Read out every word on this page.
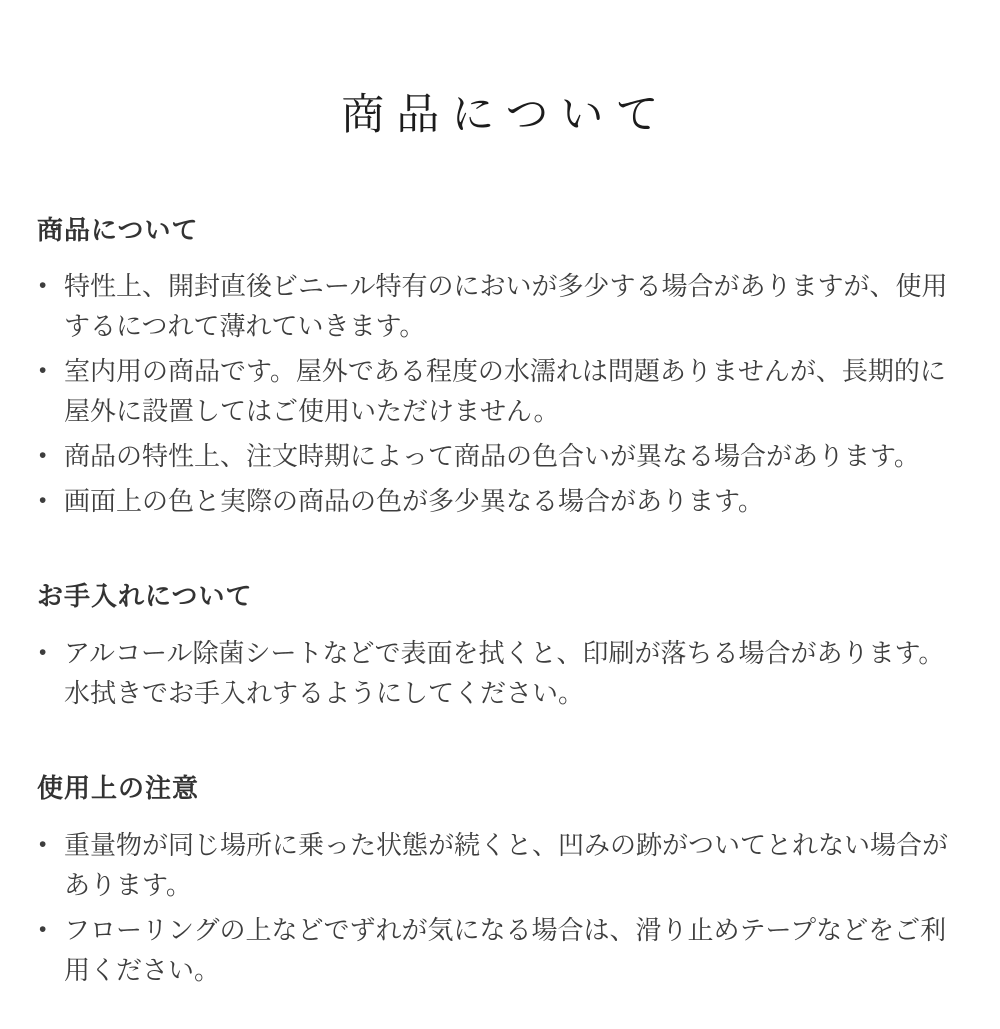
商品について
商品について
• 特性上、開封直後ビニール特有のにおいが多少する場合がありますが、使用するにつれて薄れていきます。
• 室内用の商品です。屋外である程度の水濡れは問題ありませんが、長期的に屋外に設置してはご使用いただけません。
• 商品の特性上、注文時期によって商品の色合いが異なる場合があります。
• 画面上の色と実際の商品の色が多少異なる場合があります。
お手入れについて
• アルコール除菌シートなどで表面を拭くと、印刷が落ちる場合があります。水拭きでお手入れするようにしてください。
使用上の注意
• 重量物が同じ場所に乗った状態が続くと、凹みの跡がついてとれない場合があります。
• フローリングの上などでずれが気になる場合は、滑り止めテープなどをご利用ください。
